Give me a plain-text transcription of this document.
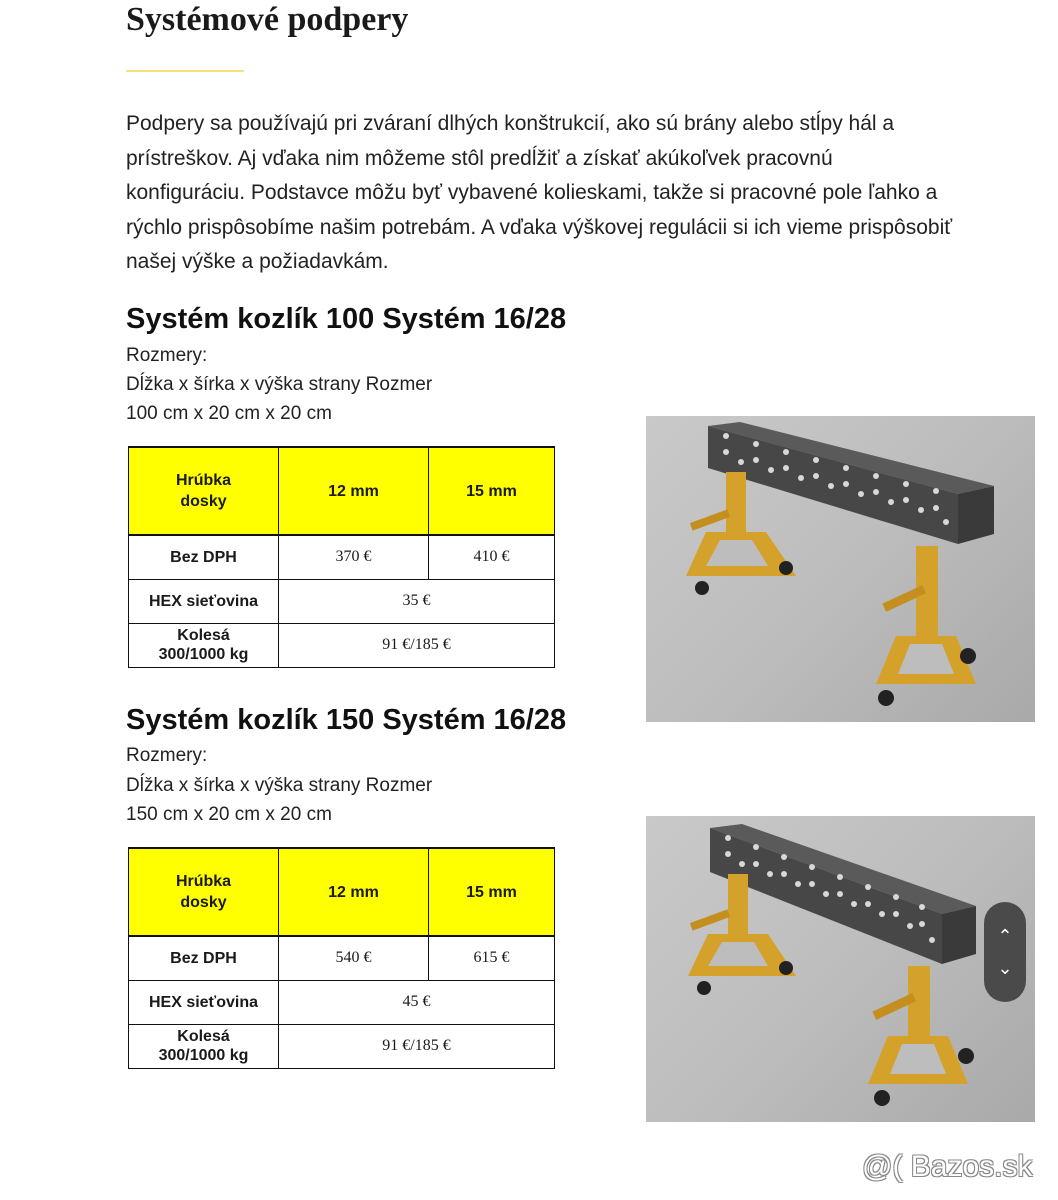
Systémové podpery

Podpery sa používajú pri zváraní dlhých konštrukcií, ako sú brány alebo stĺpy hál a prístreškov. Aj vďaka nim môžeme stôl predĺžiť a získať akúkoľvek pracovnú konfiguráciu. Podstavce môžu byť vybavené kolieskami, takže si pracovné pole ľahko a rýchlo prispôsobíme našim potrebám. A vďaka výškovej regulácii si ich vieme prispôsobiť našej výške a požiadavkám.

Systém kozlík 100 Systém 16/28
Rozmery:
Dĺžka x šírka x výška strany Rozmer
100 cm x 20 cm x 20 cm
Hrúbka
dosky	12 mm	15 mm
Bez DPH	370 €	410 €
HEX sieťovina	35 €	
Kolesá
300/1000 kg	91 €/185 €	
Systém kozlík 150 Systém 16/28
Rozmery:
Dĺžka x šírka x výška strany Rozmer
150 cm x 20 cm x 20 cm
Hrúbka
dosky	12 mm	15 mm
Bez DPH	540 €	615 €
HEX sieťovina	45 €	
Kolesá
300/1000 kg	91 €/185 €	
⌃
⌄
@( Bazos.sk
